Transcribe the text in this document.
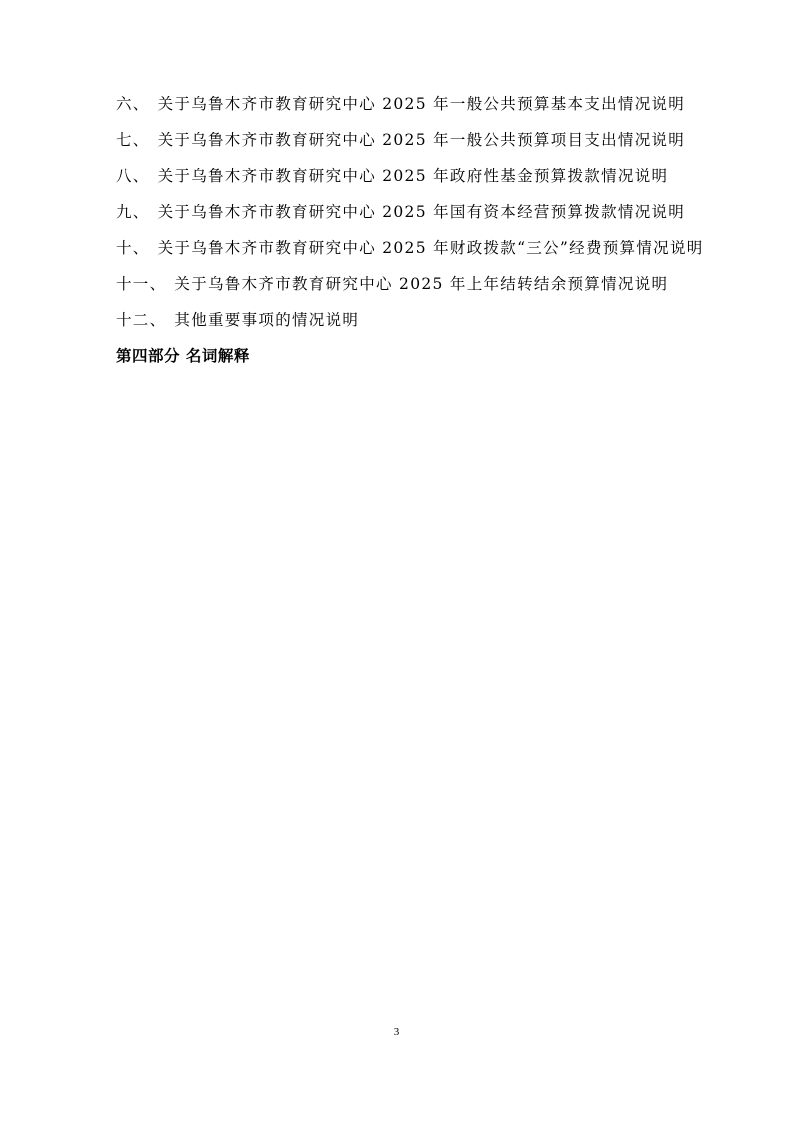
六、 关于乌鲁木齐市教育研究中心 2025 年一般公共预算基本支出情况说明
七、 关于乌鲁木齐市教育研究中心 2025 年一般公共预算项目支出情况说明
八、 关于乌鲁木齐市教育研究中心 2025 年政府性基金预算拨款情况说明
九、 关于乌鲁木齐市教育研究中心 2025 年国有资本经营预算拨款情况说明
十、 关于乌鲁木齐市教育研究中心 2025 年财政拨款“三公”经费预算情况说明
十一、 关于乌鲁木齐市教育研究中心 2025 年上年结转结余预算情况说明
十二、 其他重要事项的情况说明
第四部分 名词解释
3
